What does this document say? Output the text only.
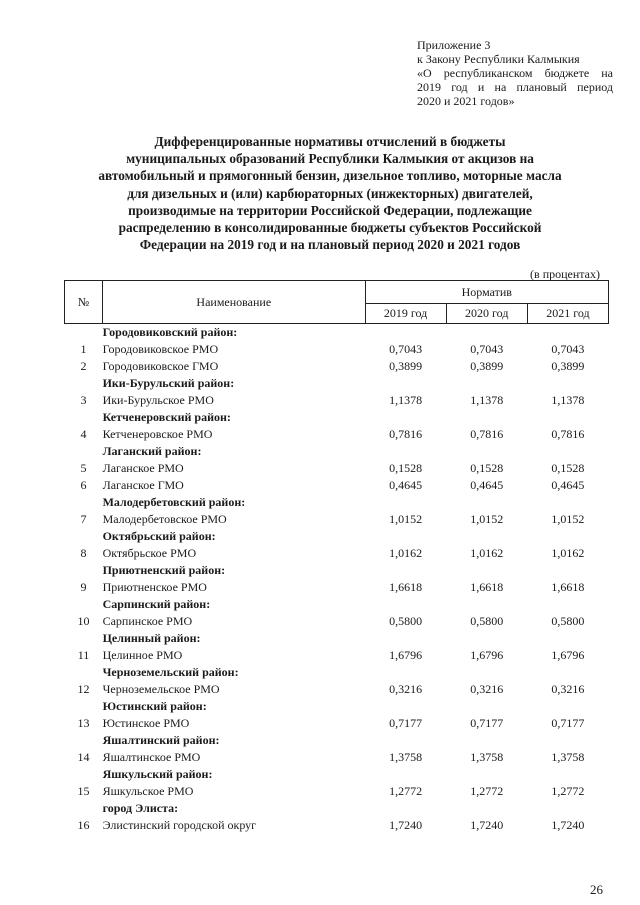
Приложение 3
к Закону Республики Калмыкия
«О республиканском бюджете на
2019 год и на плановый период
2020 и 2021 годов»
Дифференцированные нормативы отчислений в бюджеты
муниципальных образований Республики Калмыкия от акцизов на
автомобильный и прямогонный бензин, дизельное топливо, моторные масла
для дизельных и (или) карбюраторных (инжекторных) двигателей,
производимые на территории Российской Федерации, подлежащие
распределению в консолидированные бюджеты субъектов Российской
Федерации на 2019 год и на плановый период 2020 и 2021 годов
(в процентах)
№	Наименование	Норматив		
		2019 год	2020 год	2021 год
	Городовиковский район:			
1	Городовиковское РМО	0,7043	0,7043	0,7043
2	Городовиковское ГМО	0,3899	0,3899	0,3899
	Ики-Бурульский район:			
3	Ики-Бурульское РМО	1,1378	1,1378	1,1378
	Кетченеровский район:			
4	Кетченеровское РМО	0,7816	0,7816	0,7816
	Лаганский район:			
5	Лаганское РМО	0,1528	0,1528	0,1528
6	Лаганское ГМО	0,4645	0,4645	0,4645
	Малодербетовский район:			
7	Малодербетовское РМО	1,0152	1,0152	1,0152
	Октябрьский район:			
8	Октябрьское РМО	1,0162	1,0162	1,0162
	Приютненский район:			
9	Приютненское РМО	1,6618	1,6618	1,6618
	Сарпинский район:			
10	Сарпинское РМО	0,5800	0,5800	0,5800
	Целинный район:			
11	Целинное РМО	1,6796	1,6796	1,6796
	Черноземельский район:			
12	Черноземельское РМО	0,3216	0,3216	0,3216
	Юстинский район:			
13	Юстинское РМО	0,7177	0,7177	0,7177
	Яшалтинский район:			
14	Яшалтинское РМО	1,3758	1,3758	1,3758
	Яшкульский район:			
15	Яшкульское РМО	1,2772	1,2772	1,2772
	город Элиста:			
16	Элистинский городской округ	1,7240	1,7240	1,7240
26
